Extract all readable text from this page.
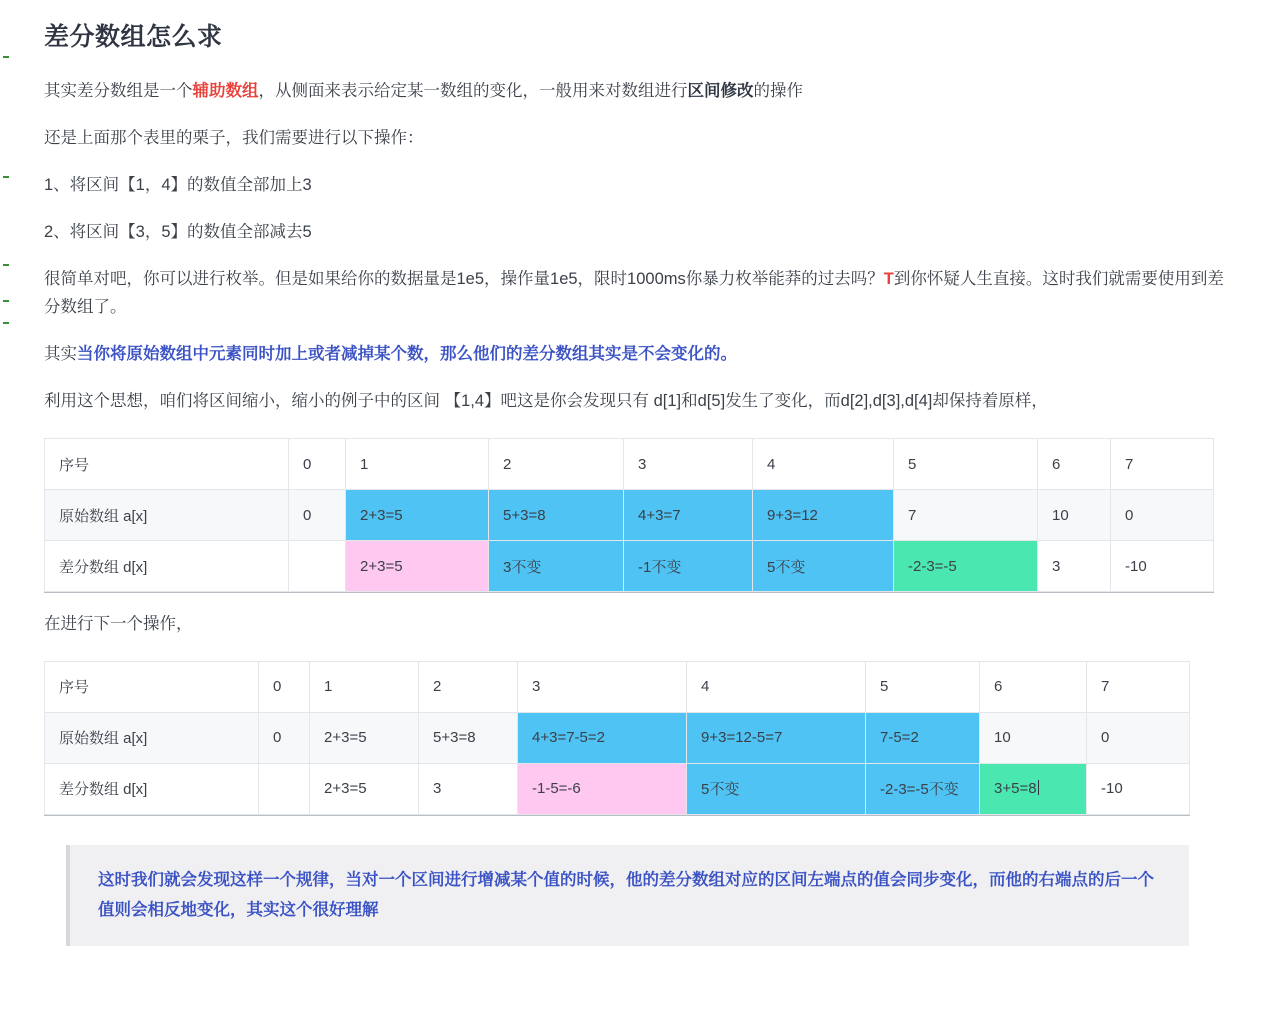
差分数组怎么求

其实差分数组是一个辅助数组，从侧面来表示给定某一数组的变化，一般用来对数组进行区间修改的操作

还是上面那个表里的栗子，我们需要进行以下操作：

1、将区间【1，4】的数值全部加上3

2、将区间【3，5】的数值全部减去5

很简单对吧，你可以进行枚举。但是如果给你的数据量是1e5，操作量1e5，限时1000ms你暴力枚举能莽的过去吗？T到你怀疑人生直接。这时我们就需要使用到差分数组了。

其实当你将原始数组中元素同时加上或者减掉某个数，那么他们的差分数组其实是不会变化的。

利用这个思想，咱们将区间缩小，缩小的例子中的区间 【1,4】吧这是你会发现只有 d[1]和d[5]发生了变化，而d[2],d[3],d[4]却保持着原样，

序号	0	1	2	3	4	5	6	7
原始数组 a[x]	0	2+3=5	5+3=8	4+3=7	9+3=12	7	10	0
差分数组 d[x]		2+3=5	3不变	-1不变	5不变	-2-3=-5	3	-10

在进行下一个操作，

序号	0	1	2	3	4	5	6	7
原始数组 a[x]	0	2+3=5	5+3=8	4+3=7-5=2	9+3=12-5=7	7-5=2	10	0
差分数组 d[x]		2+3=5	3	-1-5=-6	5不变	-2-3=-5不变	3+5=8	-10
这时我们就会发现这样一个规律，当对一个区间进行增减某个值的时候，他的差分数组对应的区间左端点的值会同步变化，而他的右端点的后一个值则会相反地变化，其实这个很好理解
